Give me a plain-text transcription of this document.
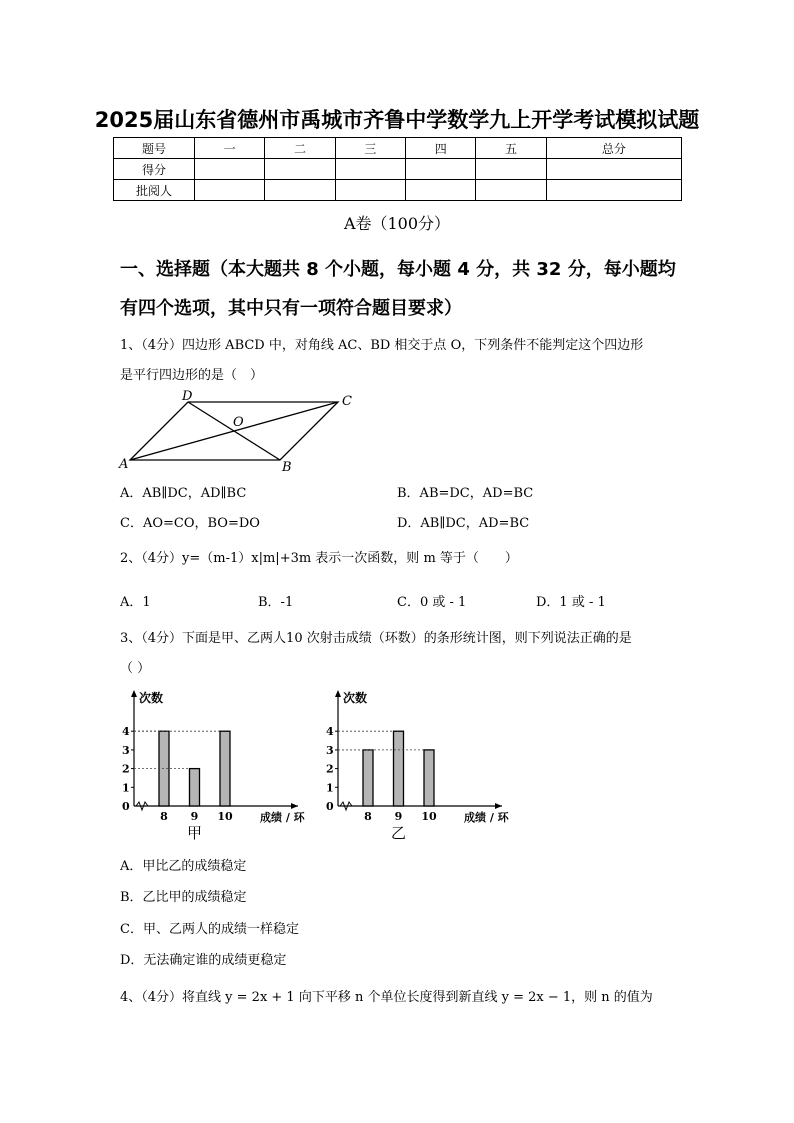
2025届山东省德州市禹城市齐鲁中学数学九上开学考试模拟试题
题号	一	二	三	四	五	总分
得分						
批阅人						
A卷（100分）
一、选择题（本大题共 8 个小题，每小题 4 分，共 32 分，每小题均
有四个选项，其中只有一项符合题目要求）
1、（4分）四边形 ABCD 中，对角线 AC、BD 相交于点 O，下列条件不能判定这个四边形
是平行四边形的是（　）
A	B
C
D
O
A．AB∥DC，AD∥BC	B．AB=DC，AD=BC
C．AO=CO，BO=DO	D．AB∥DC，AD=BC
2、（4分）y=（m-1）x|m|+3m 表示一次函数，则 m 等于（　　）
A．1	B．-1	C．0 或 - 1	D．1 或 - 1
3、（4分）下面是甲、乙两人10 次射击成绩（环数）的条形统计图，则下列说法正确的是
（ ）
次数
成绩 / 环
0
1
2
3
4
8 9 10
甲
次数
成绩 / 环
0
1
2
3
4
8 9 10
乙
A．甲比乙的成绩稳定
B．乙比甲的成绩稳定
C．甲、乙两人的成绩一样稳定
D．无法确定谁的成绩更稳定
4、（4分）将直线 y = 2x + 1 向下平移 n 个单位长度得到新直线 y = 2x − 1，则 n 的值为
